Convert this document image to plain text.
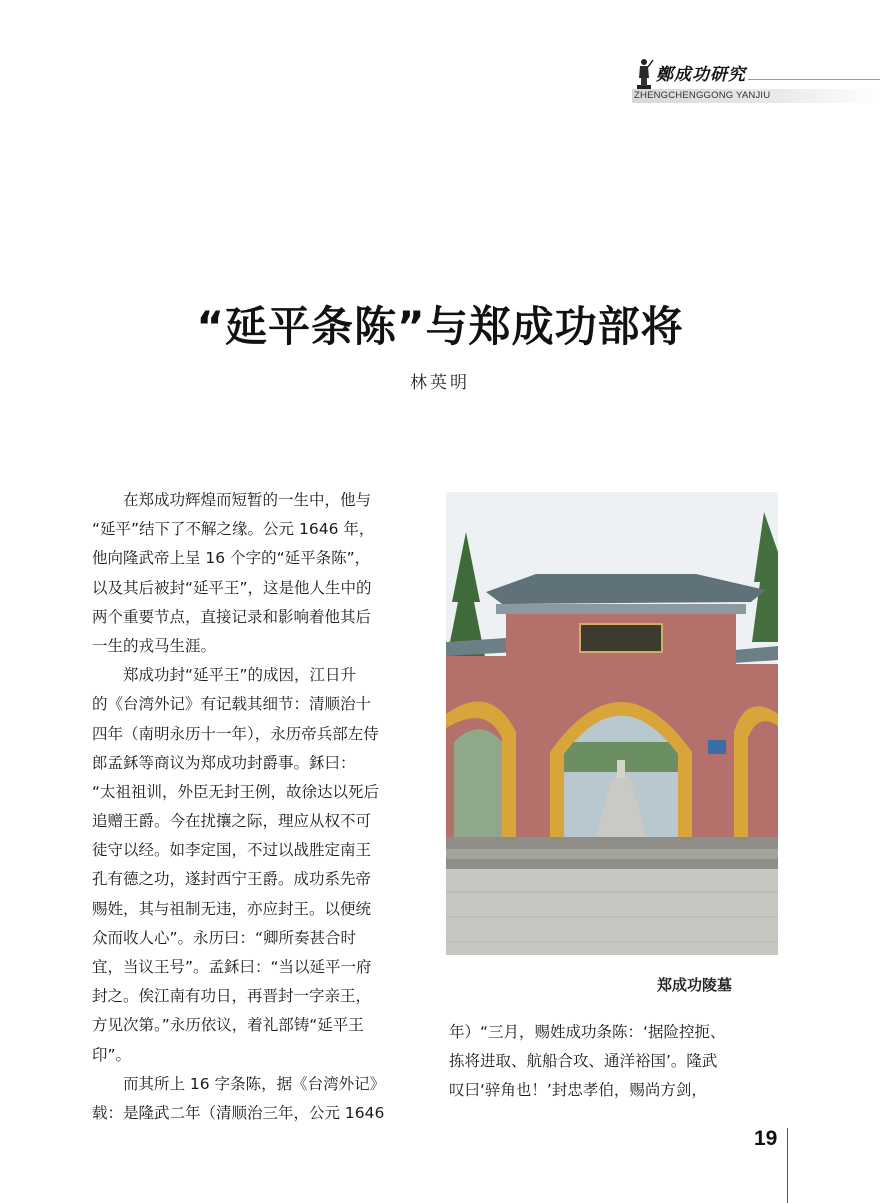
鄭成功研究
ZHENGCHENGGONG YANJIU
“延平条陈”与郑成功部将
林英明
在郑成功辉煌而短暂的一生中，他与
“延平”结下了不解之缘。公元 1646 年，
他向隆武帝上呈 16 个字的“延平条陈”，
以及其后被封“延平王”，这是他人生中的
两个重要节点，直接记录和影响着他其后
一生的戎马生涯。
郑成功封“延平王”的成因，江日升
的《台湾外记》有记载其细节：清顺治十
四年（南明永历十一年），永历帝兵部左侍
郎孟鉌等商议为郑成功封爵事。鉌曰：
“太祖祖训，外臣无封王例，故徐达以死后
追赠王爵。今在扰攘之际，理应从权不可
徒守以经。如李定国，不过以战胜定南王
孔有德之功，遂封西宁王爵。成功系先帝
赐姓，其与祖制无违，亦应封王。以便统
众而收人心”。永历曰：“卿所奏甚合时
宜，当议王号”。孟鉌曰：“当以延平一府
封之。俟江南有功日，再晋封一字亲王，
方见次第。”永历依议，着礼部铸“延平王
印”。
而其所上 16 字条陈，据《台湾外记》
载：是隆武二年（清顺治三年，公元 1646
郑成功陵墓
年）“三月，赐姓成功条陈：‘据险控扼、
拣将进取、航船合攻、通洋裕国’。隆武
叹曰‘骍角也！’封忠孝伯，赐尚方剑，
19
